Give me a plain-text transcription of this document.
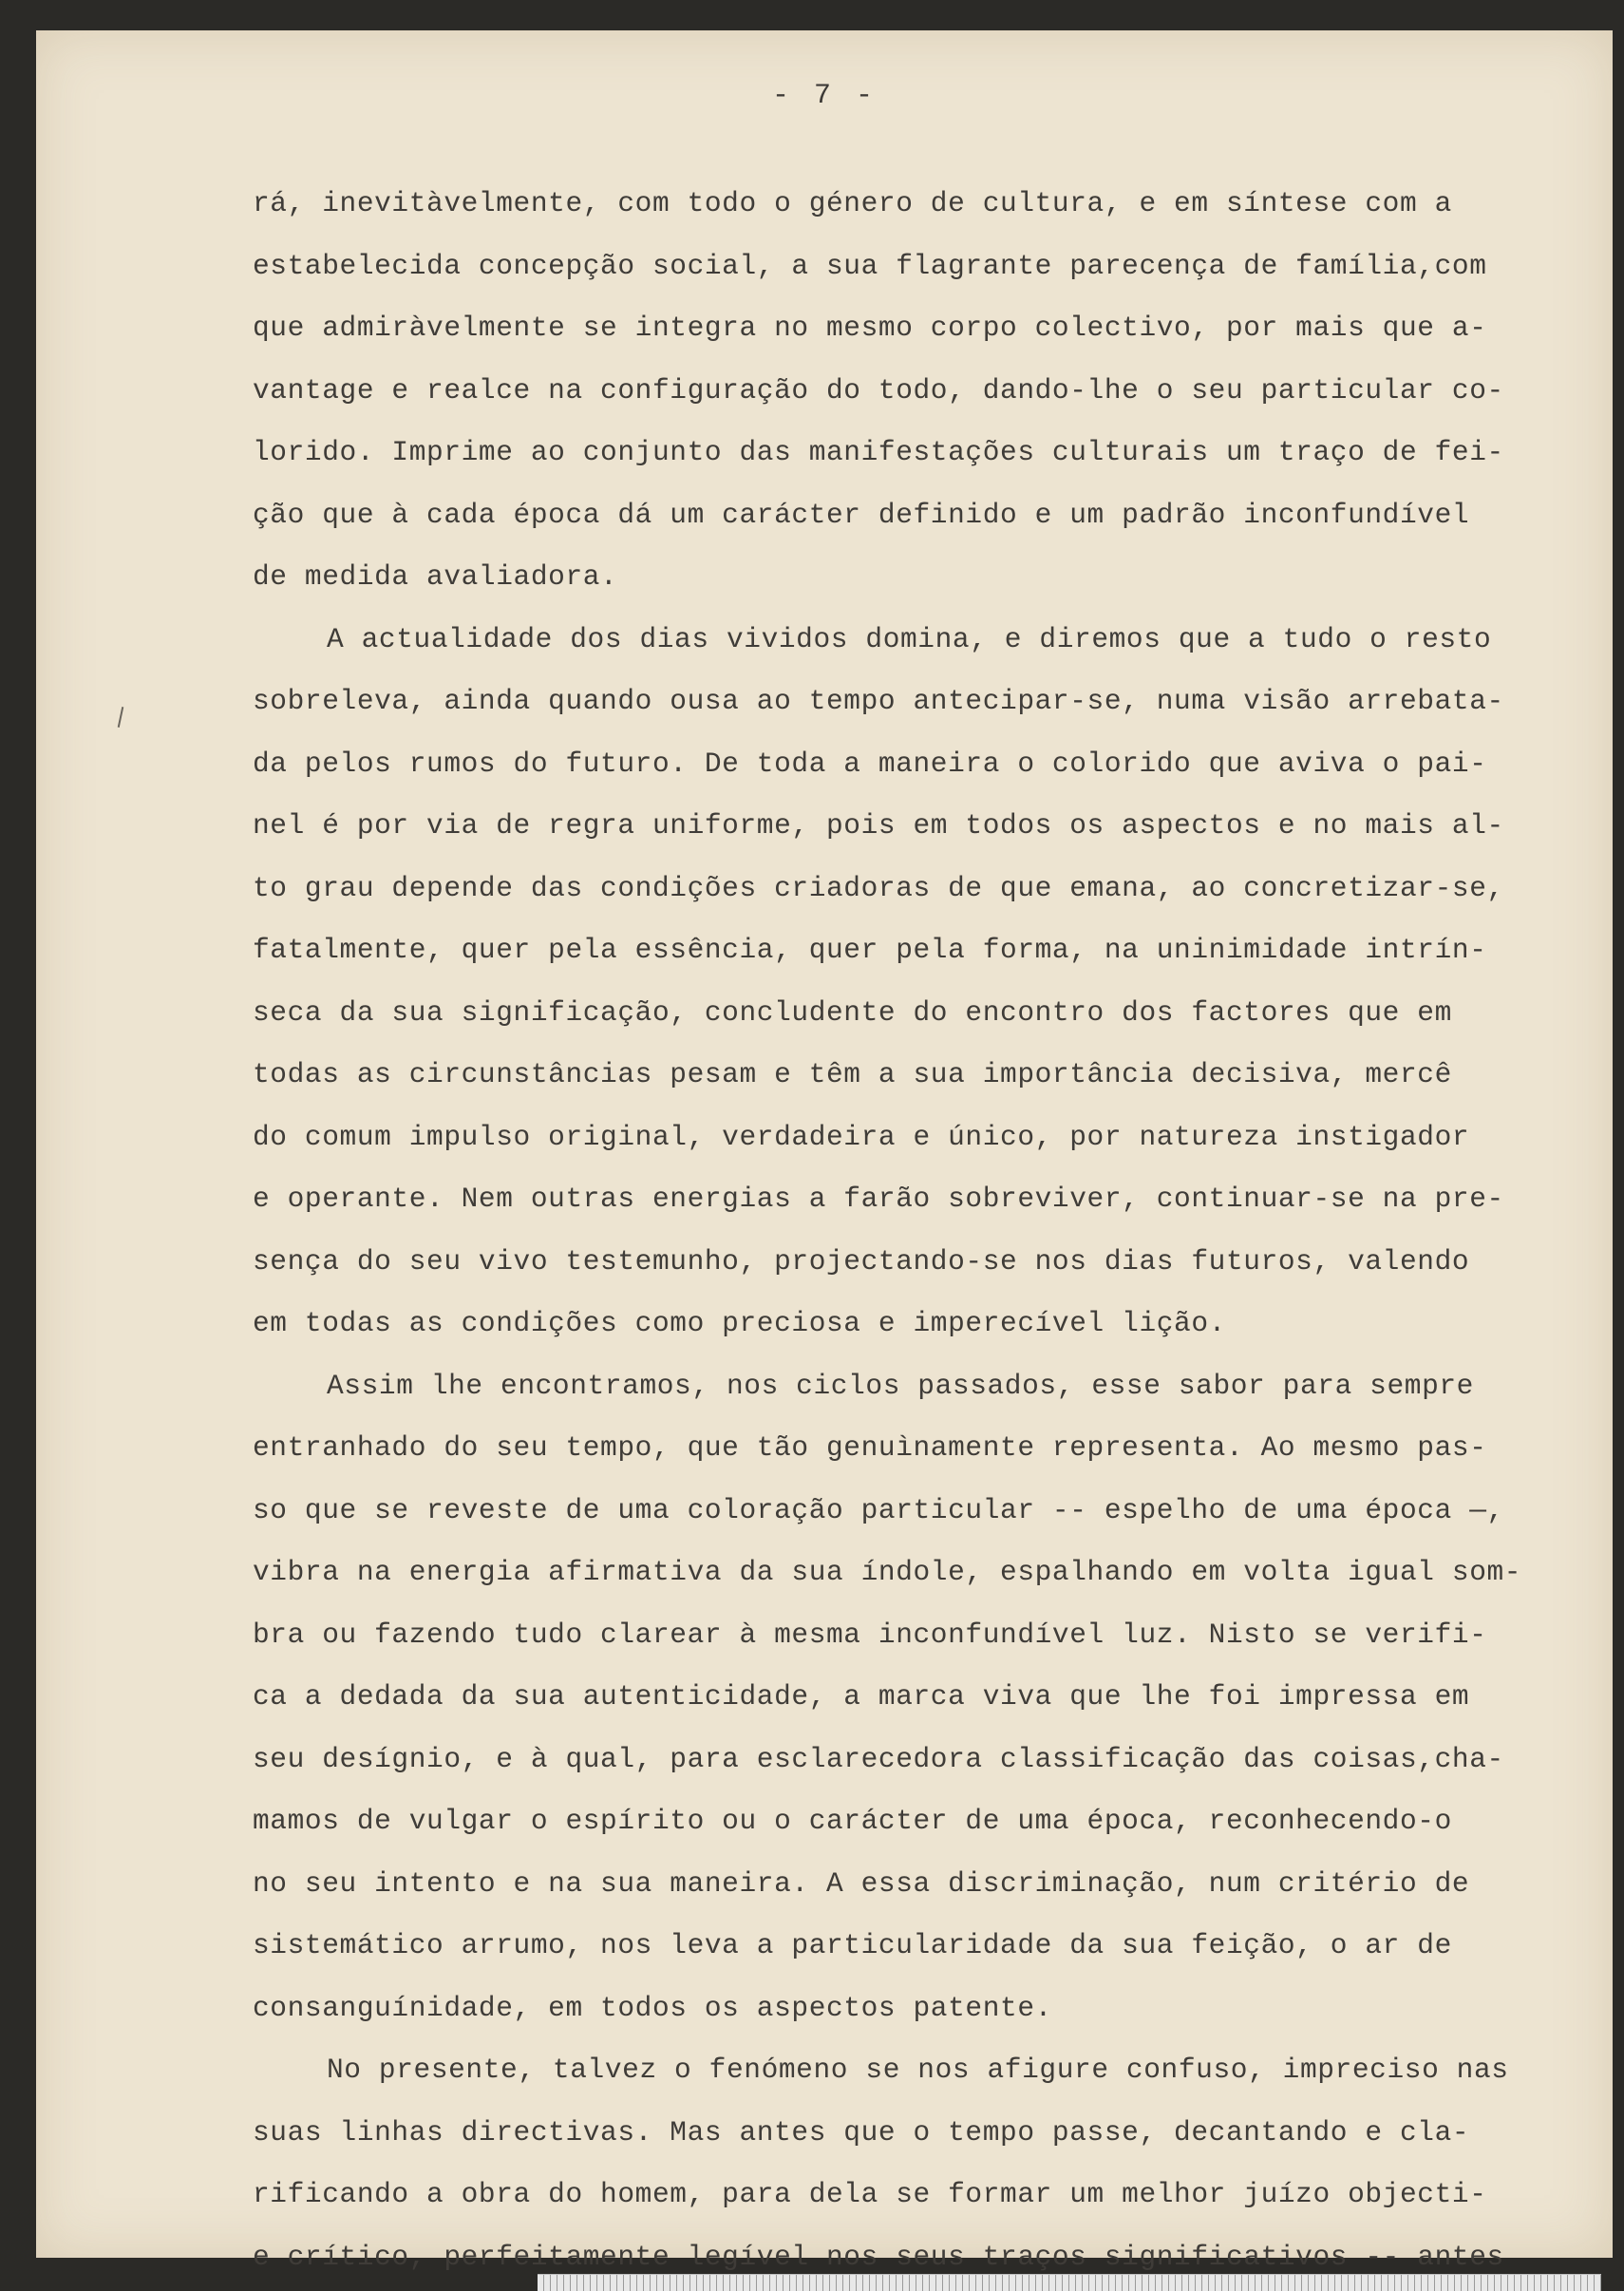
- 7 -

rá, inevitàvelmente, com todo o género de cultura, e em síntese com a
estabelecida concepção social, a sua flagrante parecença de família,com
que admiràvelmente se integra no mesmo corpo colectivo, por mais que a-
vantage e realce na configuração do todo, dando-lhe o seu particular co-
lorido. Imprime ao conjunto das manifestações culturais um traço de fei-
ção que à cada época dá um carácter definido e um padrão inconfundível
de medida avaliadora.
A actualidade dos dias vividos domina, e diremos que a tudo o resto
sobreleva, ainda quando ousa ao tempo antecipar-se, numa visão arrebata-
da pelos rumos do futuro. De toda a maneira o colorido que aviva o pai-
nel é por via de regra uniforme, pois em todos os aspectos e no mais al-
to grau depende das condições criadoras de que emana, ao concretizar-se,
fatalmente, quer pela essência, quer pela forma, na uninimidade intrín-
seca da sua significação, concludente do encontro dos factores que em
todas as circunstâncias pesam e têm a sua importância decisiva, mercê
do comum impulso original, verdadeira e único, por natureza instigador
e operante. Nem outras energias a farão sobreviver, continuar-se na pre-
sença do seu vivo testemunho, projectando-se nos dias futuros, valendo
em todas as condições como preciosa e imperecível lição.
Assim lhe encontramos, nos ciclos passados, esse sabor para sempre
entranhado do seu tempo, que tão genuìnamente representa. Ao mesmo pas-
so que se reveste de uma coloração particular -- espelho de uma época —,
vibra na energia afirmativa da sua índole, espalhando em volta igual som-
bra ou fazendo tudo clarear à mesma inconfundível luz. Nisto se verifi-
ca a dedada da sua autenticidade, a marca viva que lhe foi impressa em
seu desígnio, e à qual, para esclarecedora classificação das coisas,cha-
mamos de vulgar o espírito ou o carácter de uma época, reconhecendo-o
no seu intento e na sua maneira. A essa discriminação, num critério de
sistemático arrumo, nos leva a particularidade da sua feição, o ar de
consanguínidade, em todos os aspectos patente.
No presente, talvez o fenómeno se nos afigure confuso, impreciso nas
suas linhas directivas. Mas antes que o tempo passe, decantando e cla-
rificando a obra do homem, para dela se formar um melhor juízo objecti-
e crítico, perfeitamente legível nos seus traços significativos -- antes
